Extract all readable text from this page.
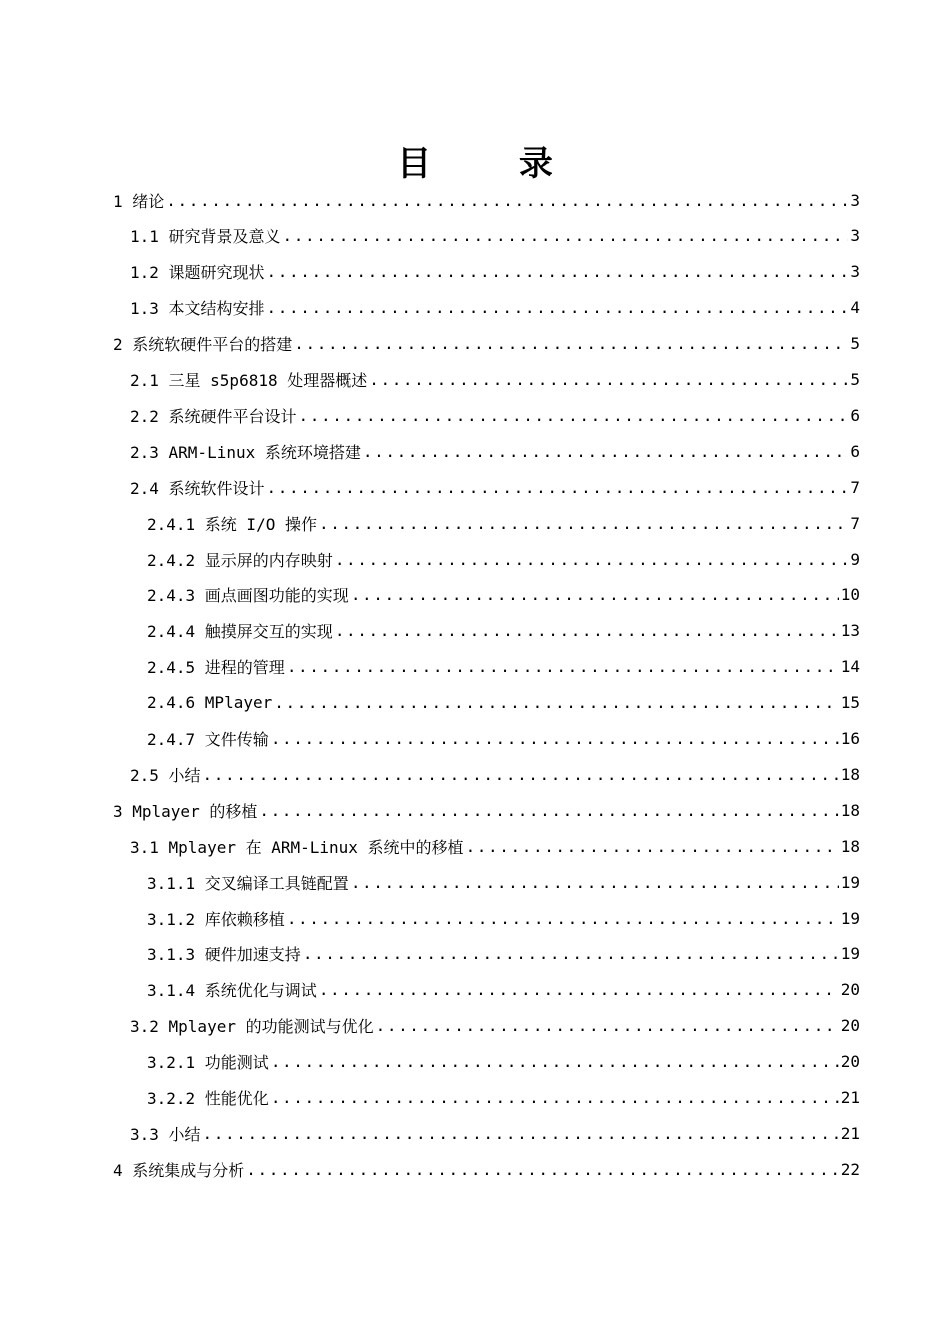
目 录
1 绪论 .....	3
1.1 研究背景及意义 .....	3
1.2 课题研究现状 .....	3
1.3 本文结构安排 .....	4
2 系统软硬件平台的搭建 .....	5
2.1 三星 s5p6818 处理器概述 .....	5
2.2 系统硬件平台设计 .....	6
2.3 ARM-Linux 系统环境搭建 .....	6
2.4 系统软件设计 .....	7
2.4.1 系统 I/O 操作 .....	7
2.4.2 显示屏的内存映射 .....	9
2.4.3 画点画图功能的实现 .....	10
2.4.4 触摸屏交互的实现 .....	13
2.4.5 进程的管理 .....	14
2.4.6 MPlayer .....	15
2.4.7 文件传输 .....	16
2.5 小结 .....	18
3 Mplayer 的移植 .....	18
3.1 Mplayer 在 ARM-Linux 系统中的移植 .....	18
3.1.1 交叉编译工具链配置 .....	19
3.1.2 库依赖移植 .....	19
3.1.3 硬件加速支持 .....	19
3.1.4 系统优化与调试 .....	20
3.2 Mplayer 的功能测试与优化 .....	20
3.2.1 功能测试 .....	20
3.2.2 性能优化 .....	21
3.3 小结 .....	21
4 系统集成与分析 .....	22
